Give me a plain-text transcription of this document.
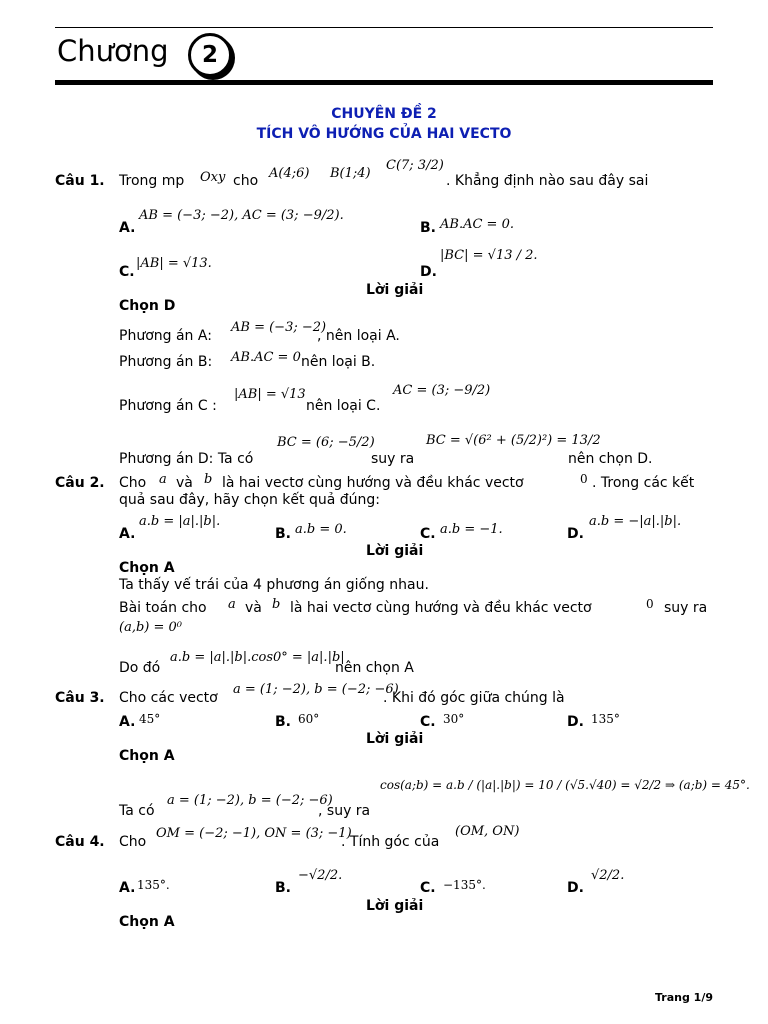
Chương	2
CHUYÊN ĐỀ 2
TÍCH VÔ HƯỚNG CỦA HAI VECTO
Câu 1. Trong mp Oxy cho A(4;6) B(1;4)
C(7; 3/2)
. Khẳng định nào sau đây sai
A.
AB = (−3; −2), AC = (3; −9/2).
B. AB.AC = 0.
C.
|AB| = √13.
D.
|BC| = √13 / 2.
Lời giải
Chọn D
Phương án A:
AB = (−3; −2)
, nên loại A.
Phương án B: AB.AC = 0 nên loại B.
Phương án C :
|AB| = √13
nên loại C.
AC = (3; −9/2)
Phương án D: Ta có
BC = (6; −5/2)
suy ra
BC = √(6² + (5/2)²) = 13/2
nên chọn D.
Câu 2. Cho a và b là hai vectơ cùng hướng và đều khác vectơ	0 . Trong các kết
quả sau đây, hãy chọn kết quả đúng:
A.
a.b = |a|.|b|.
B. a.b = 0.	C. a.b = −1.	D.
a.b = −|a|.|b|.
Lời giải
Chọn A
Ta thấy vế trái của 4 phương án giống nhau.
Bài toán cho a và b là hai vectơ cùng hướng và đều khác vectơ	0 suy ra
(a,b) = 0⁰
Do đó
a.b = |a|.|b|.cos0° = |a|.|b|
nên chọn A
Câu 3. Cho các vectơ
a = (1; −2), b = (−2; −6)
. Khi đó góc giữa chúng là
A. 45°	B. 60°	C. 30°	D. 135°
Lời giải
Chọn A
Ta có
a = (1; −2), b = (−2; −6)
, suy ra
cos(a;b) = a.b / (|a|.|b|) = 10 / (√5.√40) = √2/2 ⇒ (a;b) = 45°.
Câu 4. Cho
OM = (−2; −1), ON = (3; −1)
. Tính góc của
(OM, ON)
A. 135°.	B.
−√2/2.
C. −135°.	D.
√2/2.
Lời giải
Chọn A
Trang 1/9
